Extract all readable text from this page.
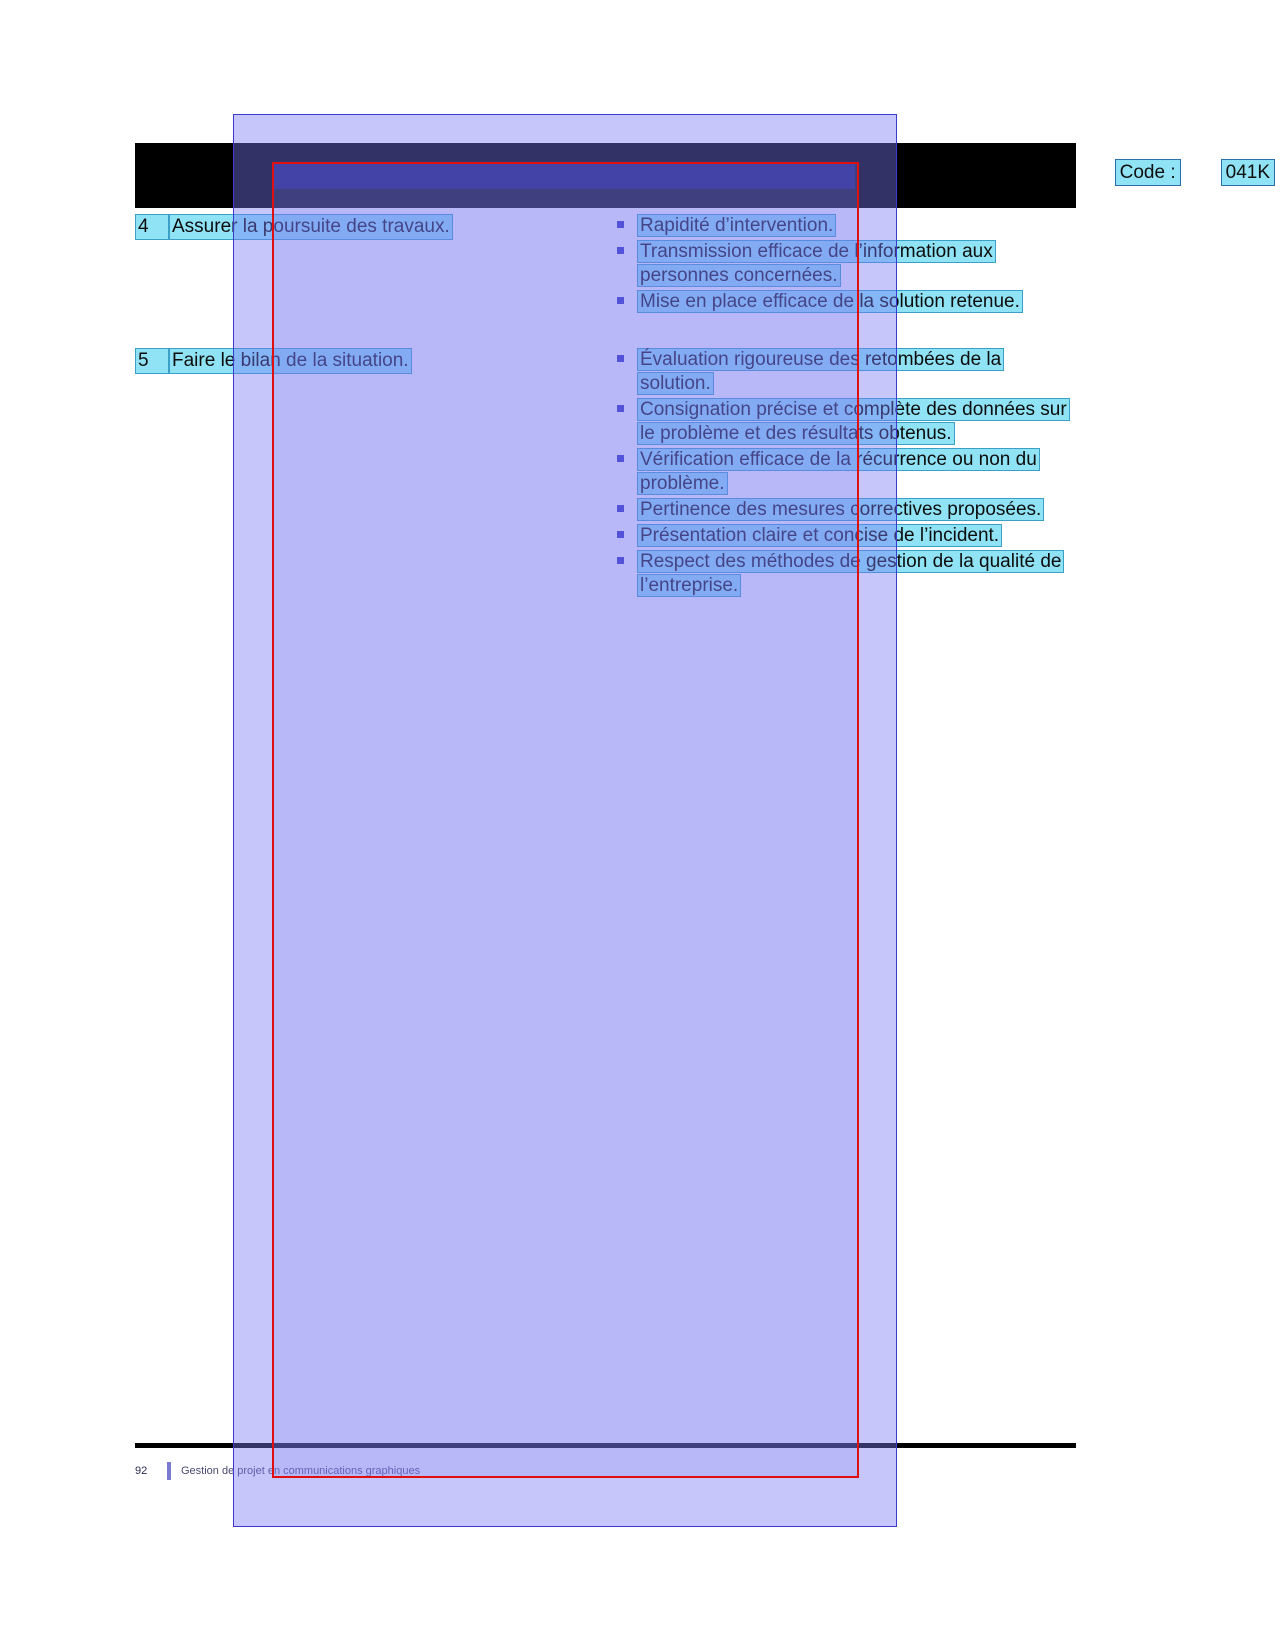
Code :	041K
4	Assurer la poursuite des travaux.	Rapidité d’intervention.
Transmission efficace de l’information aux personnes concernées.
Mise en place efficace de la solution retenue.
5	Faire le bilan de la situation.	Évaluation rigoureuse des retombées de la solution.
Consignation précise et complète des données sur le problème et des résultats obtenus.
Vérification efficace de la récurrence ou non du problème.
Pertinence des mesures correctives proposées.
Présentation claire et concise de l’incident.
Respect des méthodes de gestion de la qualité de l’entreprise.
92	Gestion de projet en communications graphiques
